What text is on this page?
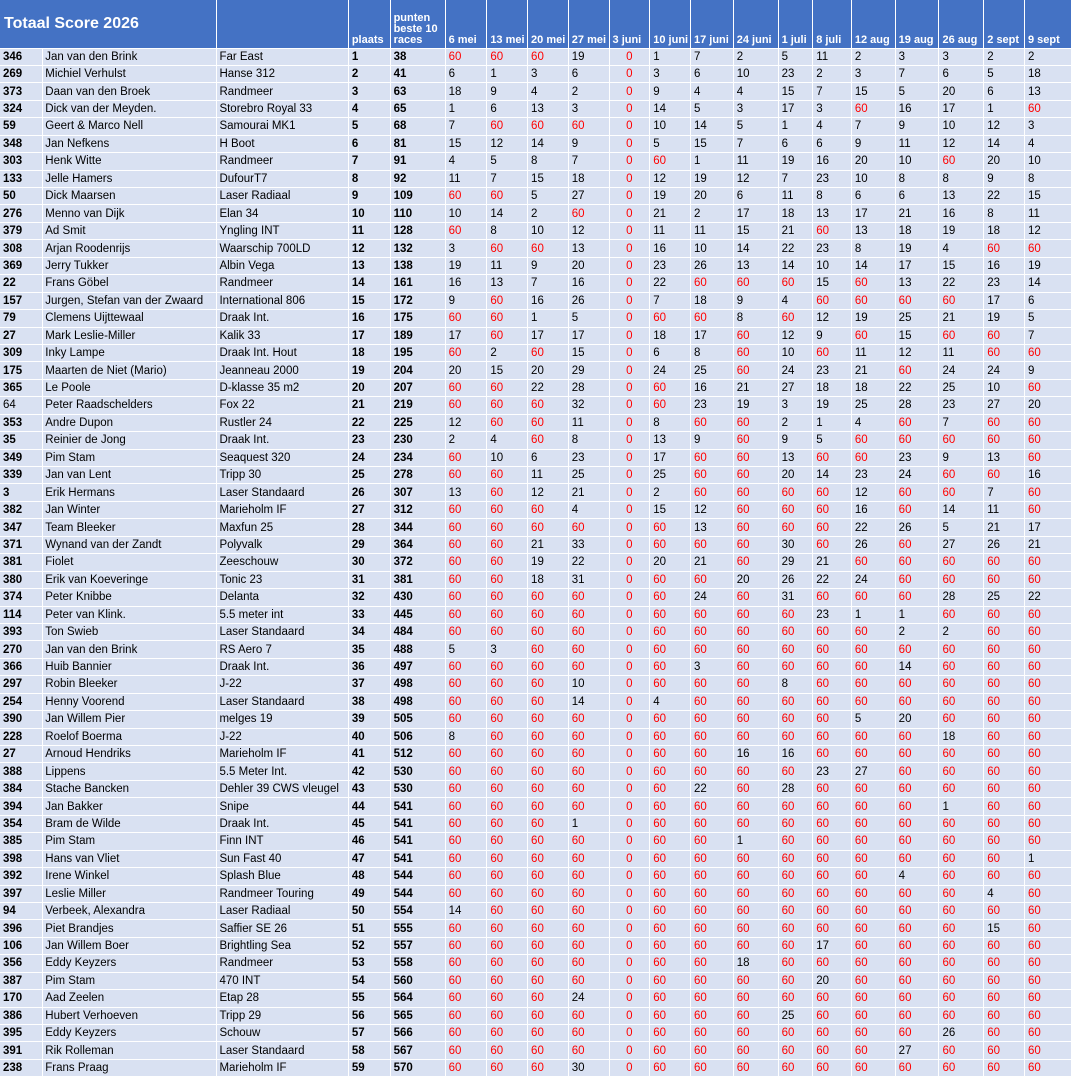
Totaal Score 2026			plaats	punten beste 10 races	6 mei	13 mei	20 mei	27 mei	3 juni	10 juni	17 juni	24 juni	1 juli	8 juli	12 aug	19 aug	26 aug	2 sept	9 sept
346	Jan van den Brink	Far East	1	38	60	60	60	19	0	1	7	2	5	11	2	3	3	2	2
269	Michiel Verhulst	Hanse 312	2	41	6	1	3	6	0	3	6	10	23	2	3	7	6	5	18
373	Daan van den Broek	Randmeer	3	63	18	9	4	2	0	9	4	4	15	7	15	5	20	6	13
324	Dick van der Meyden.	Storebro Royal 33	4	65	1	6	13	3	0	14	5	3	17	3	60	16	17	1	60
59	Geert & Marco Nell	Samourai MK1	5	68	7	60	60	60	0	10	14	5	1	4	7	9	10	12	3
348	Jan Nefkens	H Boot	6	81	15	12	14	9	0	5	15	7	6	6	9	11	12	14	4
303	Henk Witte	Randmeer	7	91	4	5	8	7	0	60	1	11	19	16	20	10	60	20	10
133	Jelle Hamers	DufourT7	8	92	11	7	15	18	0	12	19	12	7	23	10	8	8	9	8
50	Dick Maarsen	Laser Radiaal	9	109	60	60	5	27	0	19	20	6	11	8	6	6	13	22	15
276	Menno van Dijk	Elan 34	10	110	10	14	2	60	0	21	2	17	18	13	17	21	16	8	11
379	Ad Smit	Yngling INT	11	128	60	8	10	12	0	11	11	15	21	60	13	18	19	18	12
308	Arjan Roodenrijs	Waarschip 700LD	12	132	3	60	60	13	0	16	10	14	22	23	8	19	4	60	60
369	Jerry Tukker	Albin Vega	13	138	19	11	9	20	0	23	26	13	14	10	14	17	15	16	19
22	Frans Göbel	Randmeer	14	161	16	13	7	16	0	22	60	60	60	15	60	13	22	23	14
157	Jurgen, Stefan van der Zwaard	International 806	15	172	9	60	16	26	0	7	18	9	4	60	60	60	60	17	6
79	Clemens Uijttewaal	Draak Int.	16	175	60	60	1	5	0	60	60	8	60	12	19	25	21	19	5
27	Mark Leslie-Miller	Kalik 33	17	189	17	60	17	17	0	18	17	60	12	9	60	15	60	60	7
309	Inky Lampe	Draak Int. Hout	18	195	60	2	60	15	0	6	8	60	10	60	11	12	11	60	60
175	Maarten de Niet (Mario)	Jeanneau 2000	19	204	20	15	20	29	0	24	25	60	24	23	21	60	24	24	9
365	Le Poole	D-klasse 35 m2	20	207	60	60	22	28	0	60	16	21	27	18	18	22	25	10	60
64	Peter Raadschelders	Fox 22	21	219	60	60	60	32	0	60	23	19	3	19	25	28	23	27	20
353	Andre Dupon	Rustler 24	22	225	12	60	60	11	0	8	60	60	2	1	4	60	7	60	60
35	Reinier de Jong	Draak Int.	23	230	2	4	60	8	0	13	9	60	9	5	60	60	60	60	60
349	Pim Stam	Seaquest 320	24	234	60	10	6	23	0	17	60	60	13	60	60	23	9	13	60
339	Jan van Lent	Tripp 30	25	278	60	60	11	25	0	25	60	60	20	14	23	24	60	60	16
3	Erik Hermans	Laser Standaard	26	307	13	60	12	21	0	2	60	60	60	60	12	60	60	7	60
382	Jan Winter	Marieholm IF	27	312	60	60	60	4	0	15	12	60	60	60	16	60	14	11	60
347	Team Bleeker	Maxfun 25	28	344	60	60	60	60	0	60	13	60	60	60	22	26	5	21	17
371	Wynand van der Zandt	Polyvalk	29	364	60	60	21	33	0	60	60	60	30	60	26	60	27	26	21
381	Fiolet	Zeeschouw	30	372	60	60	19	22	0	20	21	60	29	21	60	60	60	60	60
380	Erik van Koeveringe	Tonic 23	31	381	60	60	18	31	0	60	60	20	26	22	24	60	60	60	60
374	Peter Knibbe	Delanta	32	430	60	60	60	60	0	60	24	60	31	60	60	60	28	25	22
114	Peter van Klink.	5.5 meter int	33	445	60	60	60	60	0	60	60	60	60	23	1	1	60	60	60
393	Ton Swieb	Laser Standaard	34	484	60	60	60	60	0	60	60	60	60	60	60	2	2	60	60
270	Jan van den Brink	RS Aero 7	35	488	5	3	60	60	0	60	60	60	60	60	60	60	60	60	60
366	Huib Bannier	Draak Int.	36	497	60	60	60	60	0	60	3	60	60	60	60	14	60	60	60
297	Robin Bleeker	J-22	37	498	60	60	60	10	0	60	60	60	8	60	60	60	60	60	60
254	Henny Voorend	Laser Standaard	38	498	60	60	60	14	0	4	60	60	60	60	60	60	60	60	60
390	Jan Willem Pier	melges 19	39	505	60	60	60	60	0	60	60	60	60	60	5	20	60	60	60
228	Roelof Boerma	J-22	40	506	8	60	60	60	0	60	60	60	60	60	60	60	18	60	60
27	Arnoud Hendriks	Marieholm IF	41	512	60	60	60	60	0	60	60	16	16	60	60	60	60	60	60
388	Lippens	5.5 Meter Int.	42	530	60	60	60	60	0	60	60	60	60	23	27	60	60	60	60
384	Stache Bancken	Dehler 39 CWS vleugel	43	530	60	60	60	60	0	60	22	60	28	60	60	60	60	60	60
394	Jan Bakker	Snipe	44	541	60	60	60	60	0	60	60	60	60	60	60	60	1	60	60
354	Bram de Wilde	Draak Int.	45	541	60	60	60	1	0	60	60	60	60	60	60	60	60	60	60
385	Pim Stam	Finn INT	46	541	60	60	60	60	0	60	60	1	60	60	60	60	60	60	60
398	Hans van Vliet	Sun Fast 40	47	541	60	60	60	60	0	60	60	60	60	60	60	60	60	60	1
392	Irene Winkel	Splash Blue	48	544	60	60	60	60	0	60	60	60	60	60	60	4	60	60	60
397	Leslie Miller	Randmeer Touring	49	544	60	60	60	60	0	60	60	60	60	60	60	60	60	4	60
94	Verbeek, Alexandra	Laser Radiaal	50	554	14	60	60	60	0	60	60	60	60	60	60	60	60	60	60
396	Piet Brandjes	Saffier SE 26	51	555	60	60	60	60	0	60	60	60	60	60	60	60	60	15	60
106	Jan Willem Boer	Brightling Sea	52	557	60	60	60	60	0	60	60	60	60	17	60	60	60	60	60
356	Eddy Keyzers	Randmeer	53	558	60	60	60	60	0	60	60	18	60	60	60	60	60	60	60
387	Pim Stam	470 INT	54	560	60	60	60	60	0	60	60	60	60	20	60	60	60	60	60
170	Aad Zeelen	Etap 28	55	564	60	60	60	24	0	60	60	60	60	60	60	60	60	60	60
386	Hubert Verhoeven	Tripp 29	56	565	60	60	60	60	0	60	60	60	25	60	60	60	60	60	60
395	Eddy Keyzers	Schouw	57	566	60	60	60	60	0	60	60	60	60	60	60	60	26	60	60
391	Rik Rolleman	Laser Standaard	58	567	60	60	60	60	0	60	60	60	60	60	60	27	60	60	60
238	Frans Praag	Marieholm IF	59	570	60	60	60	30	0	60	60	60	60	60	60	60	60	60	60
